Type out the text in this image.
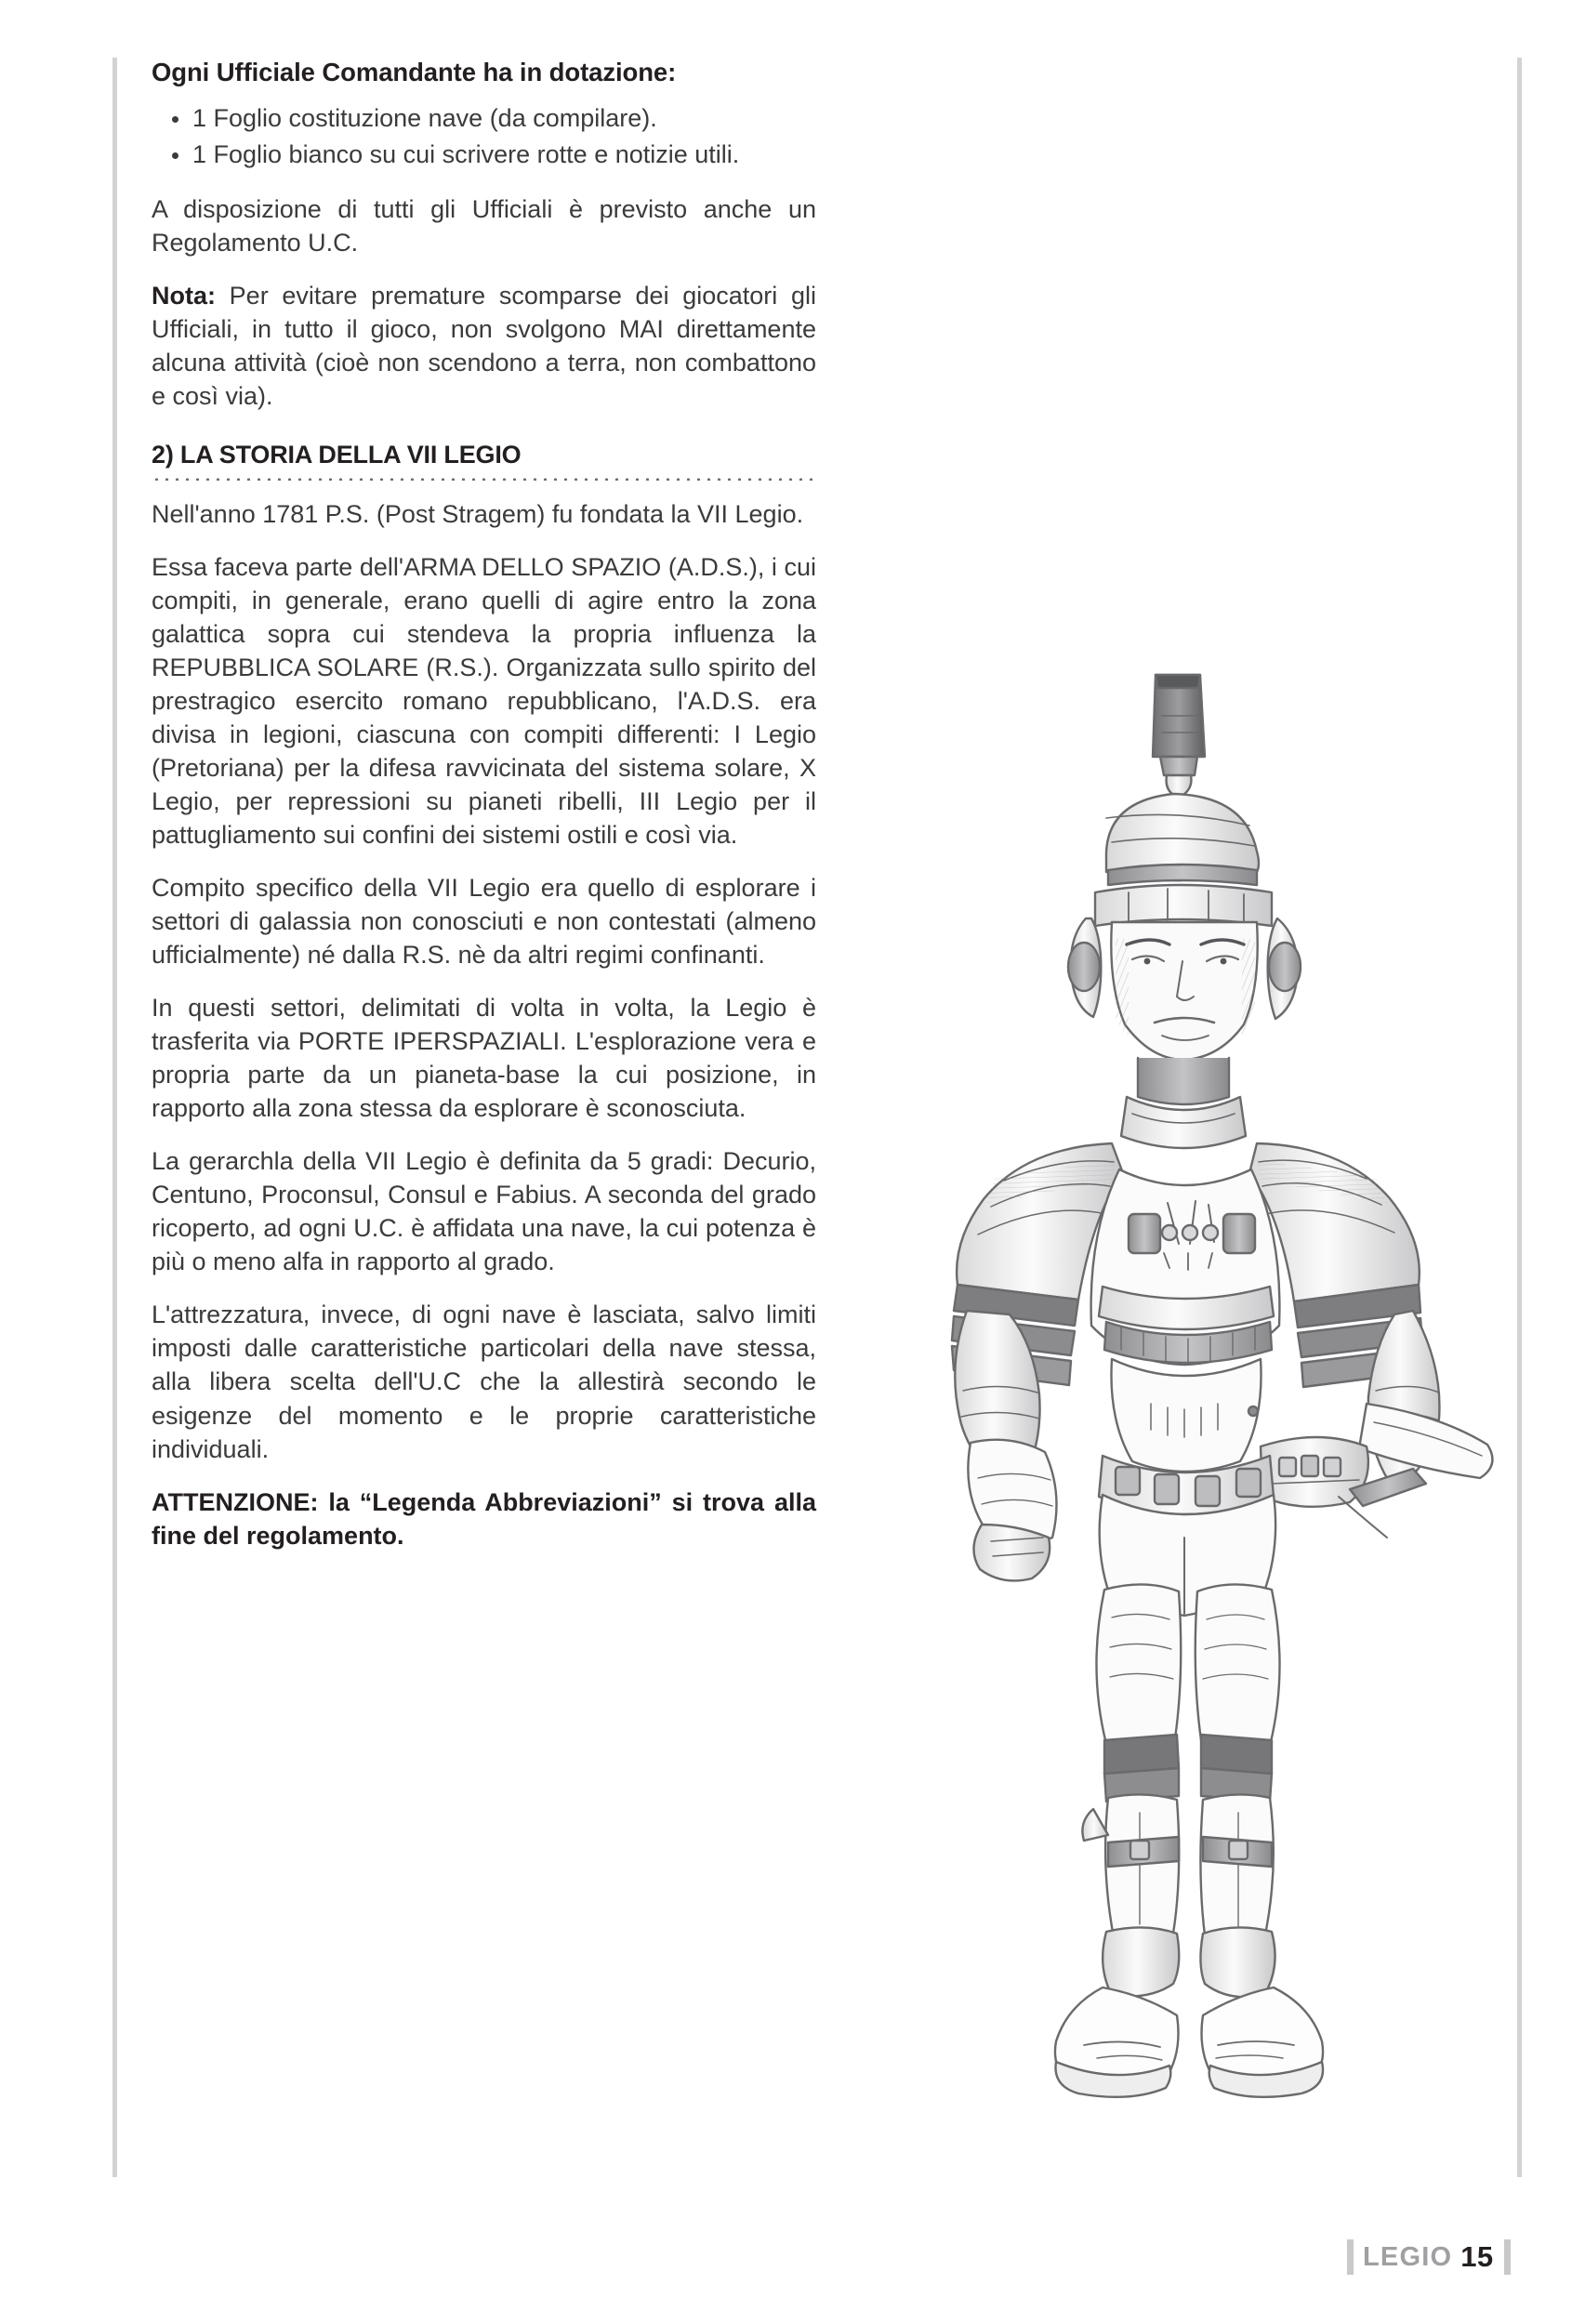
Ogni Ufficiale Comandante ha in dotazione:

1 Foglio costituzione nave (da compilare).
1 Foglio bianco su cui scrivere rotte e notizie utili.

A disposizione di tutti gli Ufficiali è previsto anche un Regolamento U.C.

Nota: Per evitare premature scomparse dei giocatori gli Ufficiali, in tutto il gioco, non svolgono MAI direttamente alcuna attività (cioè non scendono a terra, non combattono e così via).

2) LA STORIA DELLA VII LEGIO

Nell'anno 1781 P.S. (Post Stragem) fu fondata la VII Legio.

Essa faceva parte dell'ARMA DELLO SPAZIO (A.D.S.), i cui compiti, in generale, erano quelli di agire entro la zona galattica sopra cui stendeva la propria influenza la REPUBBLICA SOLARE (R.S.). Organizzata sullo spirito del prestragico esercito romano repubblicano, l'A.D.S. era divisa in legioni, ciascuna con compiti differenti: I Legio (Pretoriana) per la difesa ravvicinata del sistema solare, X Legio, per repressioni su pianeti ribelli, III Legio per il pattugliamento sui confini dei sistemi ostili e così via.

Compito specifico della VII Legio era quello di esplorare i settori di galassia non conosciuti e non contestati (almeno ufficialmente) né dalla R.S. nè da altri regimi confinanti.

In questi settori, delimitati di volta in volta, la Legio è trasferita via PORTE IPERSPAZIALI. L'esplorazione vera e propria parte da un pianeta-base la cui posizione, in rapporto alla zona stessa da esplorare è sconosciuta.

La gerarchla della VII Legio è definita da 5 gradi: Decurio, Centuno, Proconsul, Consul e Fabius. A seconda del grado ricoperto, ad ogni U.C. è affidata una nave, la cui potenza è più o meno alfa in rapporto al grado.

L'attrezzatura, invece, di ogni nave è lasciata, salvo limiti imposti dalle caratteristiche particolari della nave stessa, alla libera scelta dell'U.C che la allestirà secondo le esigenze del momento e le proprie caratteristiche individuali.

ATTENZIONE: la “Legenda Abbreviazioni” si trova alla fine del regolamento.

LEGIO 15
